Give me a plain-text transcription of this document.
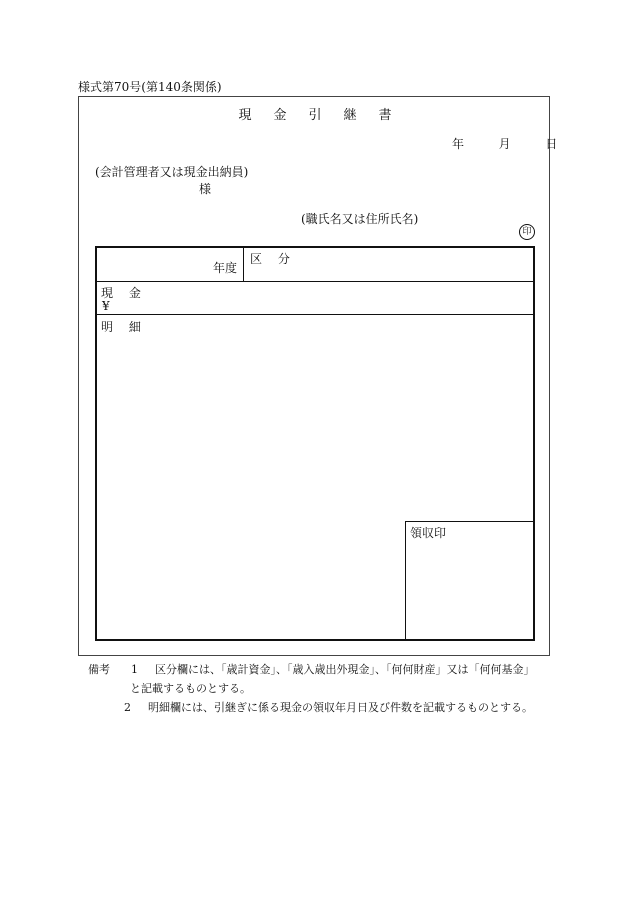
様式第70号(第140条関係)
現金引継書
年	月	日
(会計管理者又は現金出納員)
様
(職氏名又は住所氏名)
印
年度
区 分
現 金
¥
明 細
領収印
備考 1 区分欄には、「歳計資金」、「歳入歳出外現金」、「何何財産」又は「何何基金」
と記載するものとする。
2 明細欄には、引継ぎに係る現金の領収年月日及び件数を記載するものとする。
